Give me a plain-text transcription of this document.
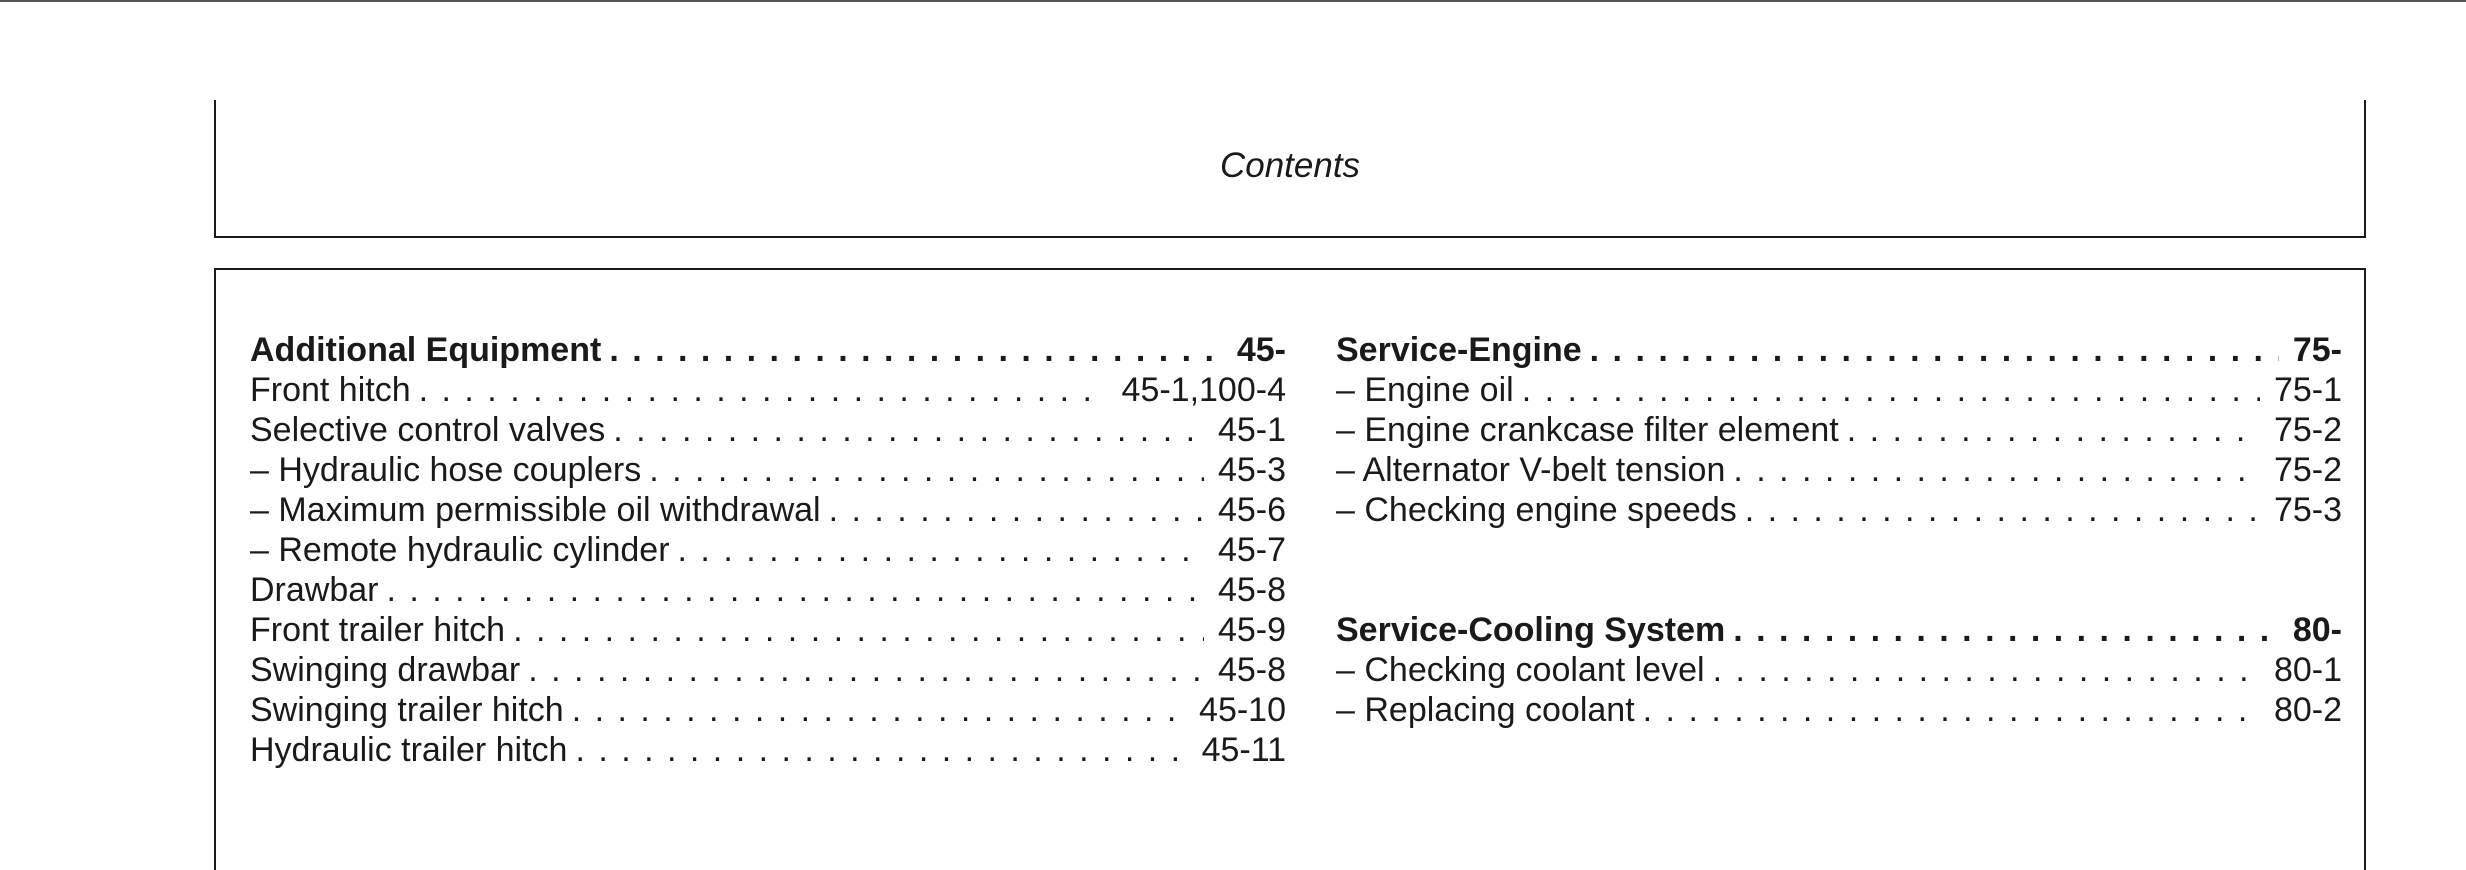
Contents
Additional Equipment . . .	45-
Front hitch . . .	45-1,100-4
Selective control valves . . .	45-1
– Hydraulic hose couplers . . .	45-3
– Maximum permissible oil withdrawal . . .	45-6
– Remote hydraulic cylinder . . .	45-7
Drawbar . . .	45-8
Front trailer hitch . . .	45-9
Swinging drawbar . . .	45-8
Swinging trailer hitch . . .	45-10
Hydraulic trailer hitch . . .	45-11
Service-Engine . . .	75-
– Engine oil . . .	75-1
– Engine crankcase filter element . . .	75-2
– Alternator V-belt tension . . .	75-2
– Checking engine speeds . . .	75-3
Service-Cooling System . . .	80-
– Checking coolant level . . .	80-1
– Replacing coolant . . .	80-2
